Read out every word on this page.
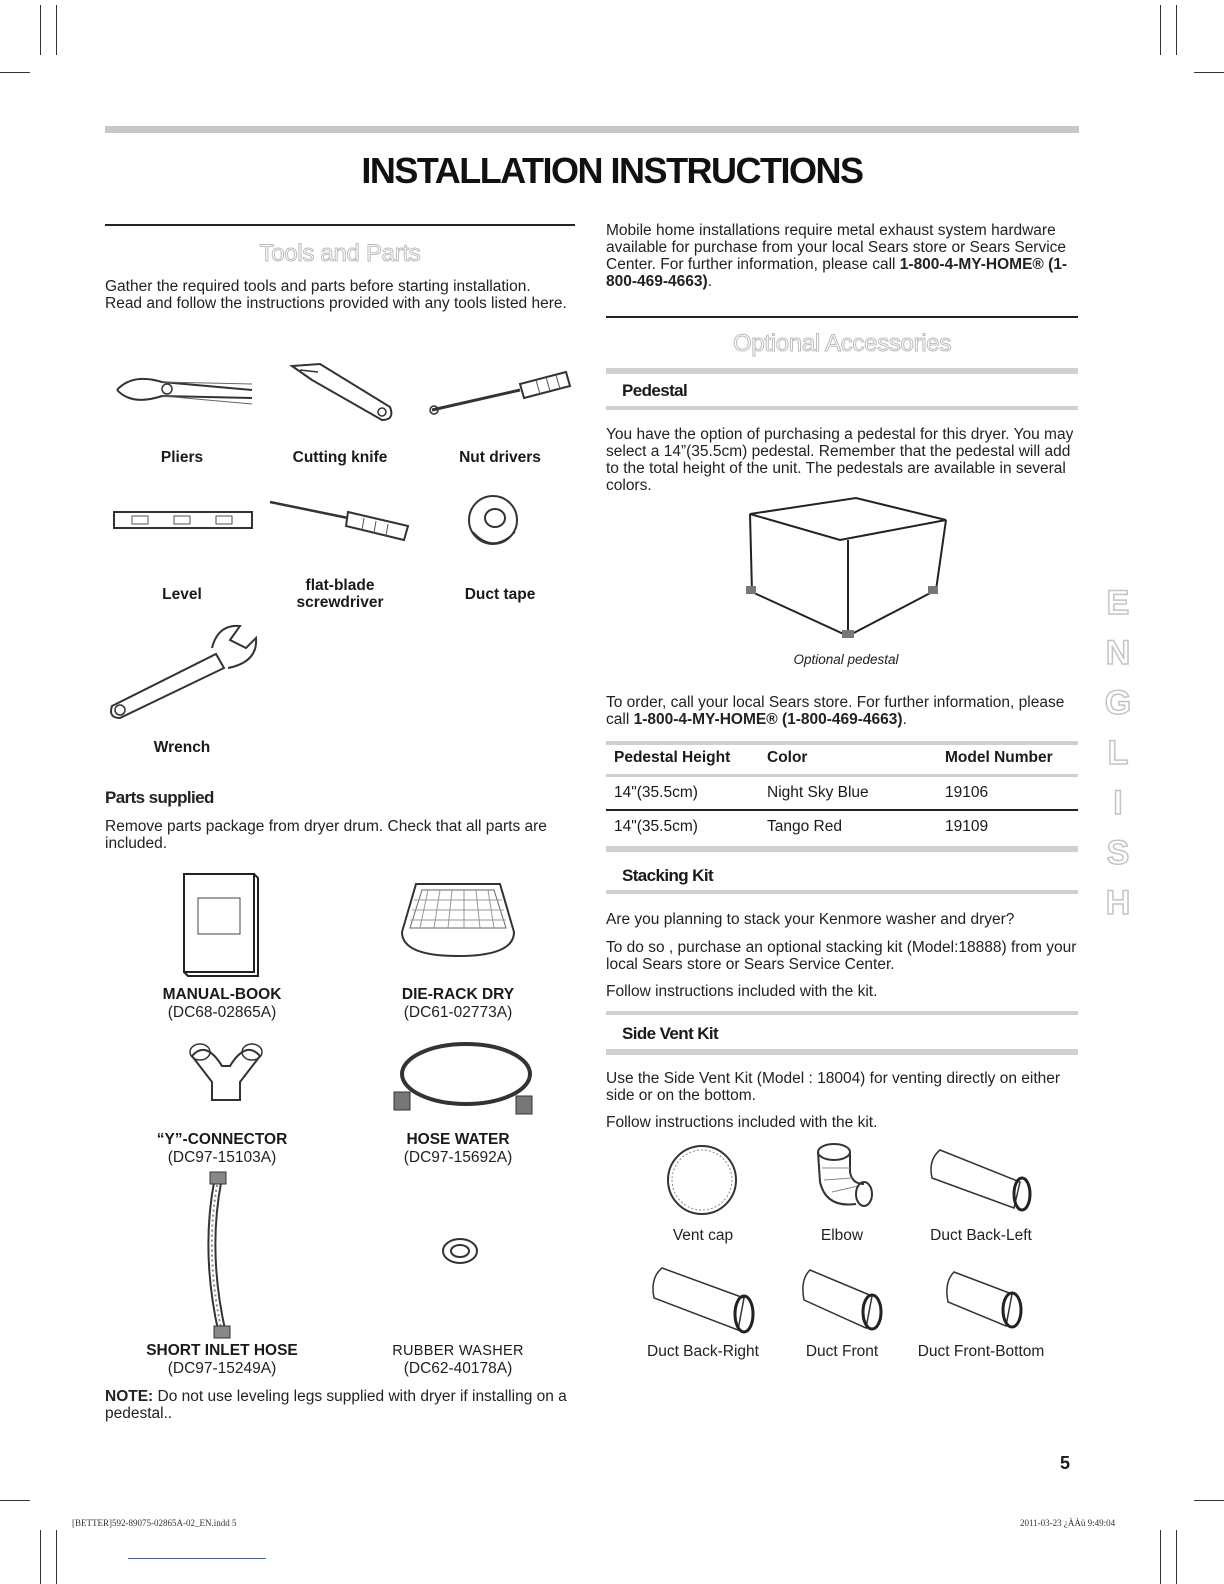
INSTALLATION INSTRUCTIONS
Tools and Parts
Gather the required tools and parts before starting installation. Read and follow the instructions provided with any tools listed here.
Pliers	Cutting knife	Nut drivers
Level
flat-blade
screwdriver	Duct tape
Wrench
Parts supplied
Remove parts package from dryer drum. Check that all parts are included.
MANUAL-BOOK
(DC68-02865A)
DIE-RACK DRY
(DC61-02773A)
“Y”-CONNECTOR
(DC97-15103A)
HOSE WATER
(DC97-15692A)
SHORT INLET HOSE
(DC97-15249A)
RUBBER WASHER
(DC62-40178A)
NOTE: Do not use leveling legs supplied with dryer if installing on a pedestal..
Mobile home installations require metal exhaust system hardware available for purchase from your local Sears store or Sears Service Center. For further information, please call 1-800-4-MY-HOME® (1-800-469-4663).
Optional Accessories
Pedestal
You have the option of purchasing a pedestal for this dryer. You may select a 14”(35.5cm) pedestal. Remember that the pedestal will add to the total height of the unit. The pedestals are available in several colors.
Optional pedestal
To order, call your local Sears store. For further information, please call 1-800-4-MY-HOME® (1-800-469-4663).
Pedestal Height	Color	Model Number
14"(35.5cm)	Night Sky Blue	19106
14"(35.5cm)	Tango Red	19109
Stacking Kit
Are you planning to stack your Kenmore washer and dryer?
To do so , purchase an optional stacking kit (Model:18888) from your local Sears store or Sears Service Center.
Follow instructions included with the kit.
Side Vent Kit
Use the Side Vent Kit (Model : 18004) for venting directly on either side or on the bottom.
Follow instructions included with the kit.
Vent cap	Elbow	Duct Back-Left
Duct Back-Right	Duct Front	Duct Front-Bottom
E
N
G
L
I
S
H
5
[BETTER]592-89075-02865A-02_EN.indd 5	2011-03-23 ¿ÀÀü 9:49:04
